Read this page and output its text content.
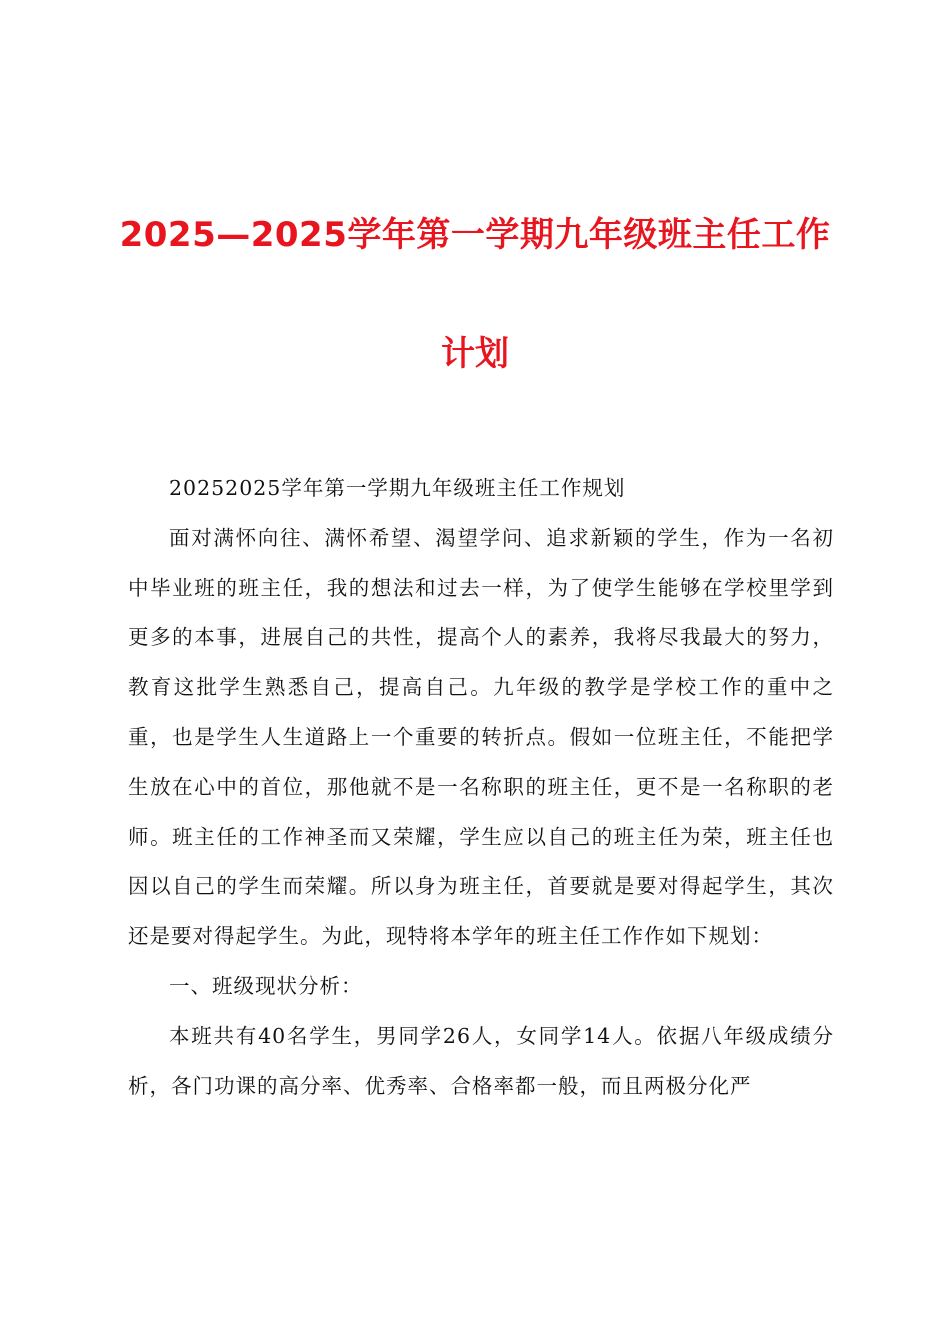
2025—2025学年第一学期九年级班主任工作
计划

20252025学年第一学期九年级班主任工作规划

面对满怀向往、满怀希望、渴望学问、追求新颖的学生，作为一名初中毕业班的班主任，我的想法和过去一样，为了使学生能够在学校里学到更多的本事，进展自己的共性，提高个人的素养，我将尽我最大的努力，教育这批学生熟悉自己，提高自己。九年级的教学是学校工作的重中之重，也是学生人生道路上一个重要的转折点。假如一位班主任，不能把学生放在心中的首位，那他就不是一名称职的班主任，更不是一名称职的老师。班主任的工作神圣而又荣耀，学生应以自己的班主任为荣，班主任也因以自己的学生而荣耀。所以身为班主任，首要就是要对得起学生，其次还是要对得起学生。为此，现特将本学年的班主任工作作如下规划：

一、班级现状分析：

本班共有40名学生，男同学26人，女同学14人。依据八年级成绩分析，各门功课的高分率、优秀率、合格率都一般，而且两极分化严
